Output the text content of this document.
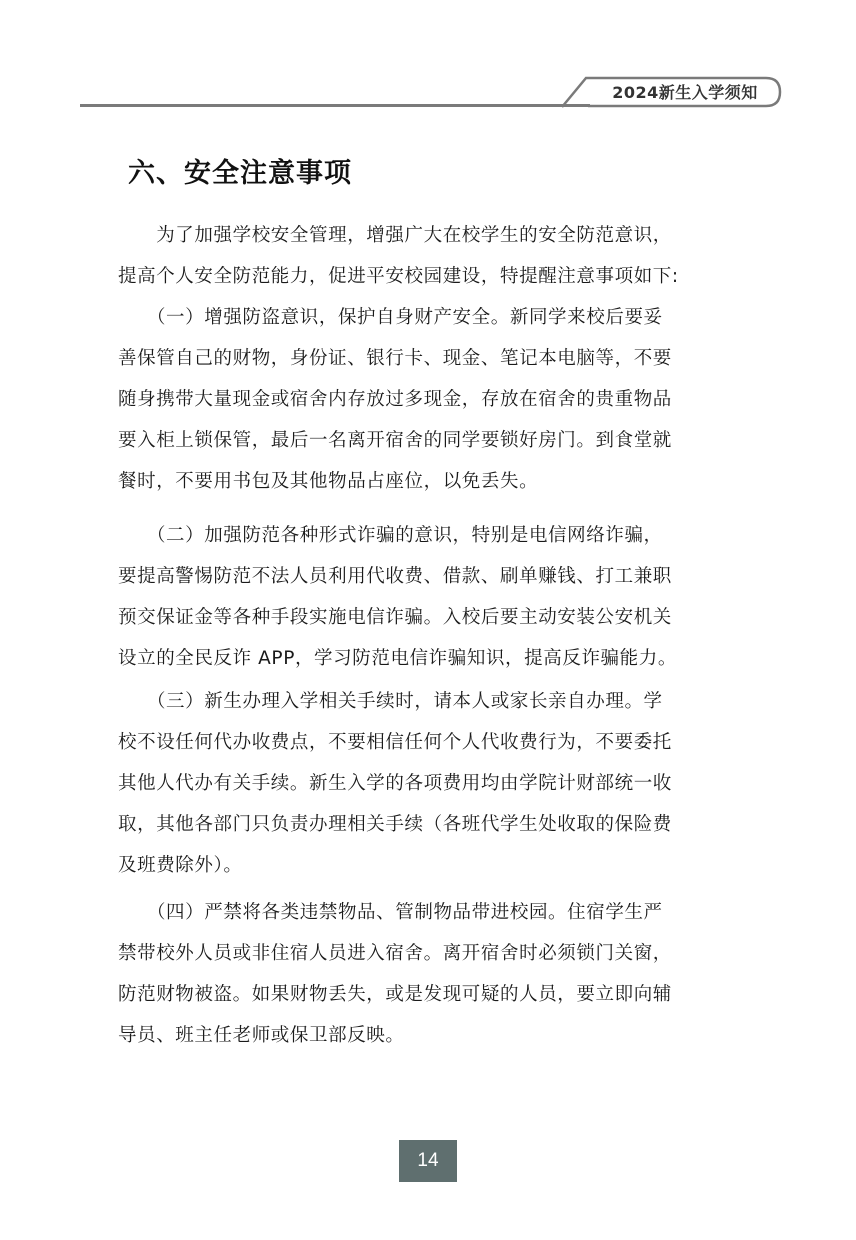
2024新生入学须知
六、安全注意事项
　　为了加强学校安全管理，增强广大在校学生的安全防范意识，
提高个人安全防范能力，促进平安校园建设，特提醒注意事项如下:
　　（一）增强防盗意识，保护自身财产安全。新同学来校后要妥
善保管自己的财物，身份证、银行卡、现金、笔记本电脑等，不要
随身携带大量现金或宿舍内存放过多现金，存放在宿舍的贵重物品
要入柜上锁保管，最后一名离开宿舍的同学要锁好房门。到食堂就
餐时，不要用书包及其他物品占座位，以免丢失。
　　（二）加强防范各种形式诈骗的意识，特别是电信网络诈骗，
要提高警惕防范不法人员利用代收费、借款、刷单赚钱、打工兼职
预交保证金等各种手段实施电信诈骗。入校后要主动安装公安机关
设立的全民反诈 APP，学习防范电信诈骗知识，提高反诈骗能力。
　　（三）新生办理入学相关手续时，请本人或家长亲自办理。学
校不设任何代办收费点，不要相信任何个人代收费行为，不要委托
其他人代办有关手续。新生入学的各项费用均由学院计财部统一收
取，其他各部门只负责办理相关手续（各班代学生处收取的保险费
及班费除外）。
　　（四）严禁将各类违禁物品、管制物品带进校园。住宿学生严
禁带校外人员或非住宿人员进入宿舍。离开宿舍时必须锁门关窗，
防范财物被盗。如果财物丢失，或是发现可疑的人员，要立即向辅
导员、班主任老师或保卫部反映。
14
